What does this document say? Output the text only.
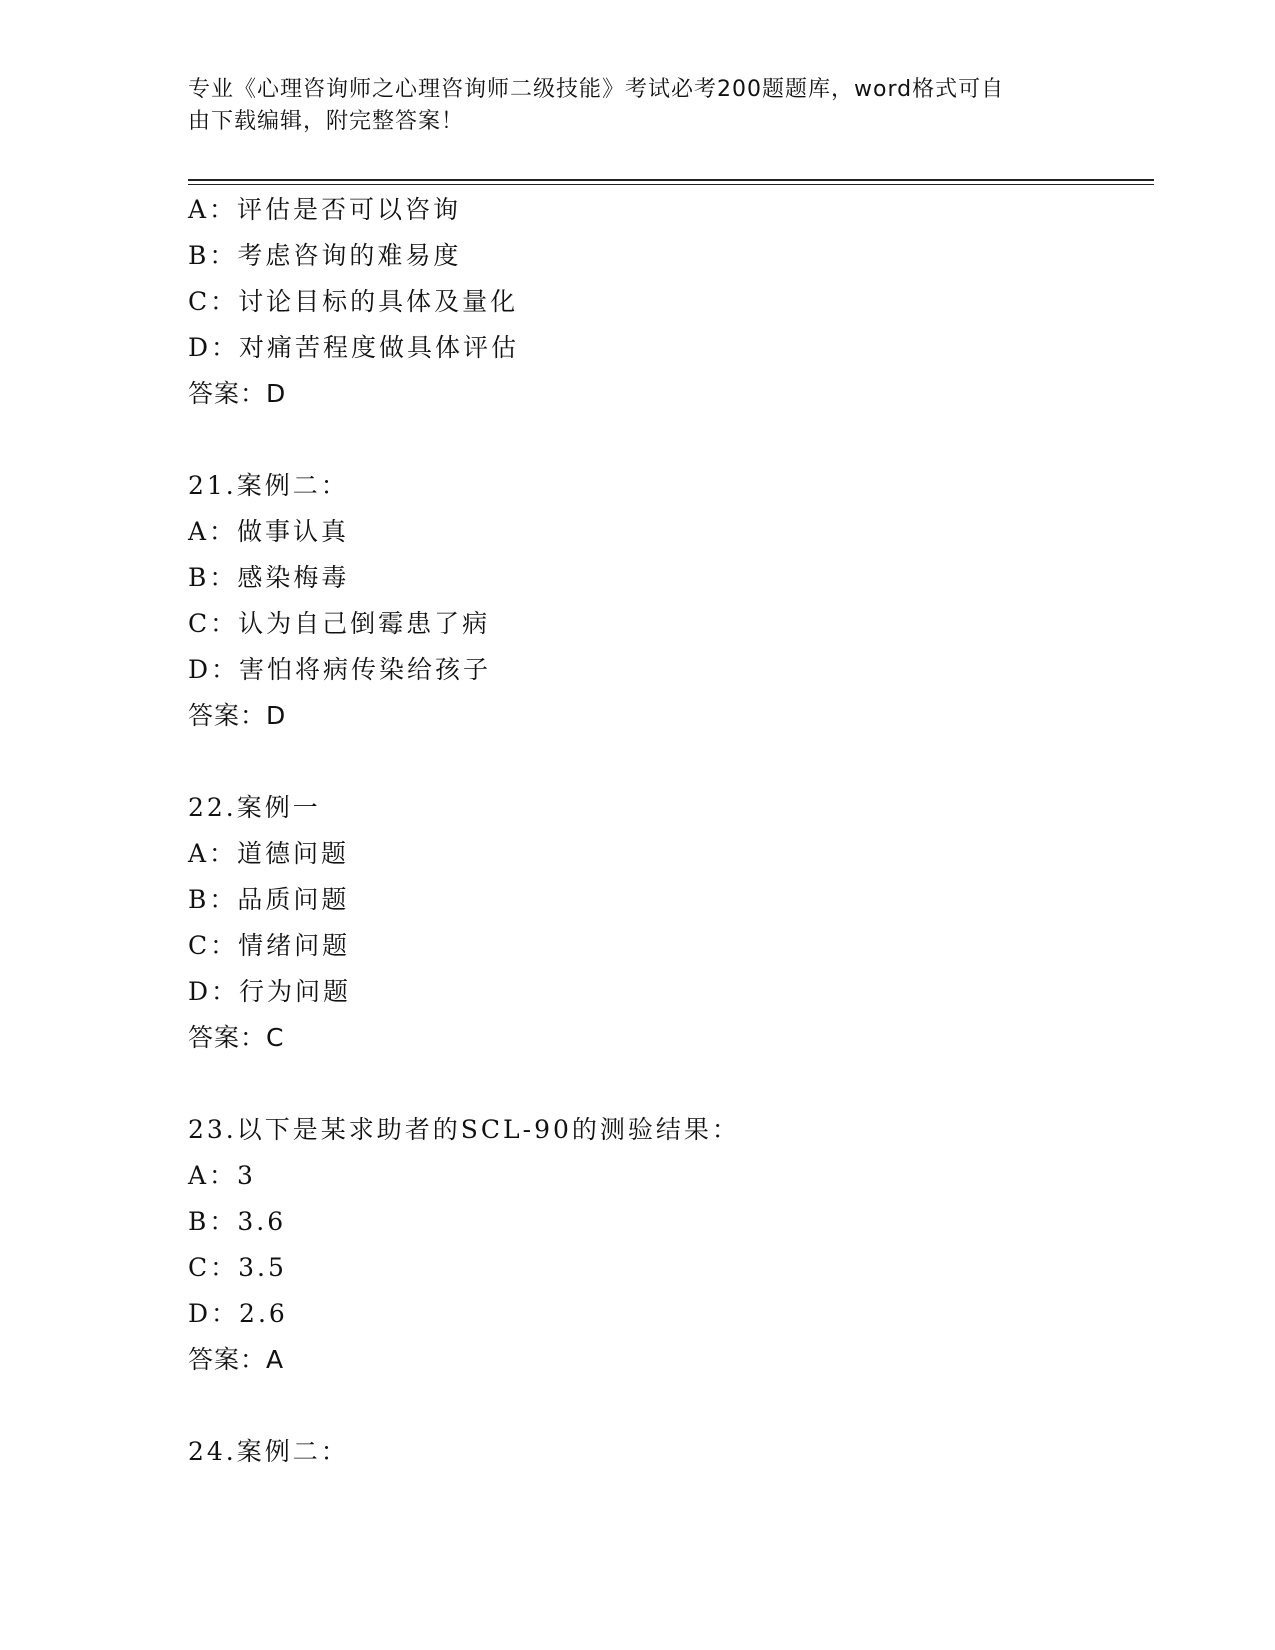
专业《心理咨询师之心理咨询师二级技能》考试必考200题题库，word格式可自
由下载编辑，附完整答案！
A：评估是否可以咨询
B：考虑咨询的难易度
C：讨论目标的具体及量化
D：对痛苦程度做具体评估
答案：D
21.案例二：
A：做事认真
B：感染梅毒
C：认为自己倒霉患了病
D：害怕将病传染给孩子
答案：D
22.案例一
A：道德问题
B：品质问题
C：情绪问题
D：行为问题
答案：C
23.以下是某求助者的SCL-90的测验结果：
A：3
B：3.6
C：3.5
D：2.6
答案：A
24.案例二：
